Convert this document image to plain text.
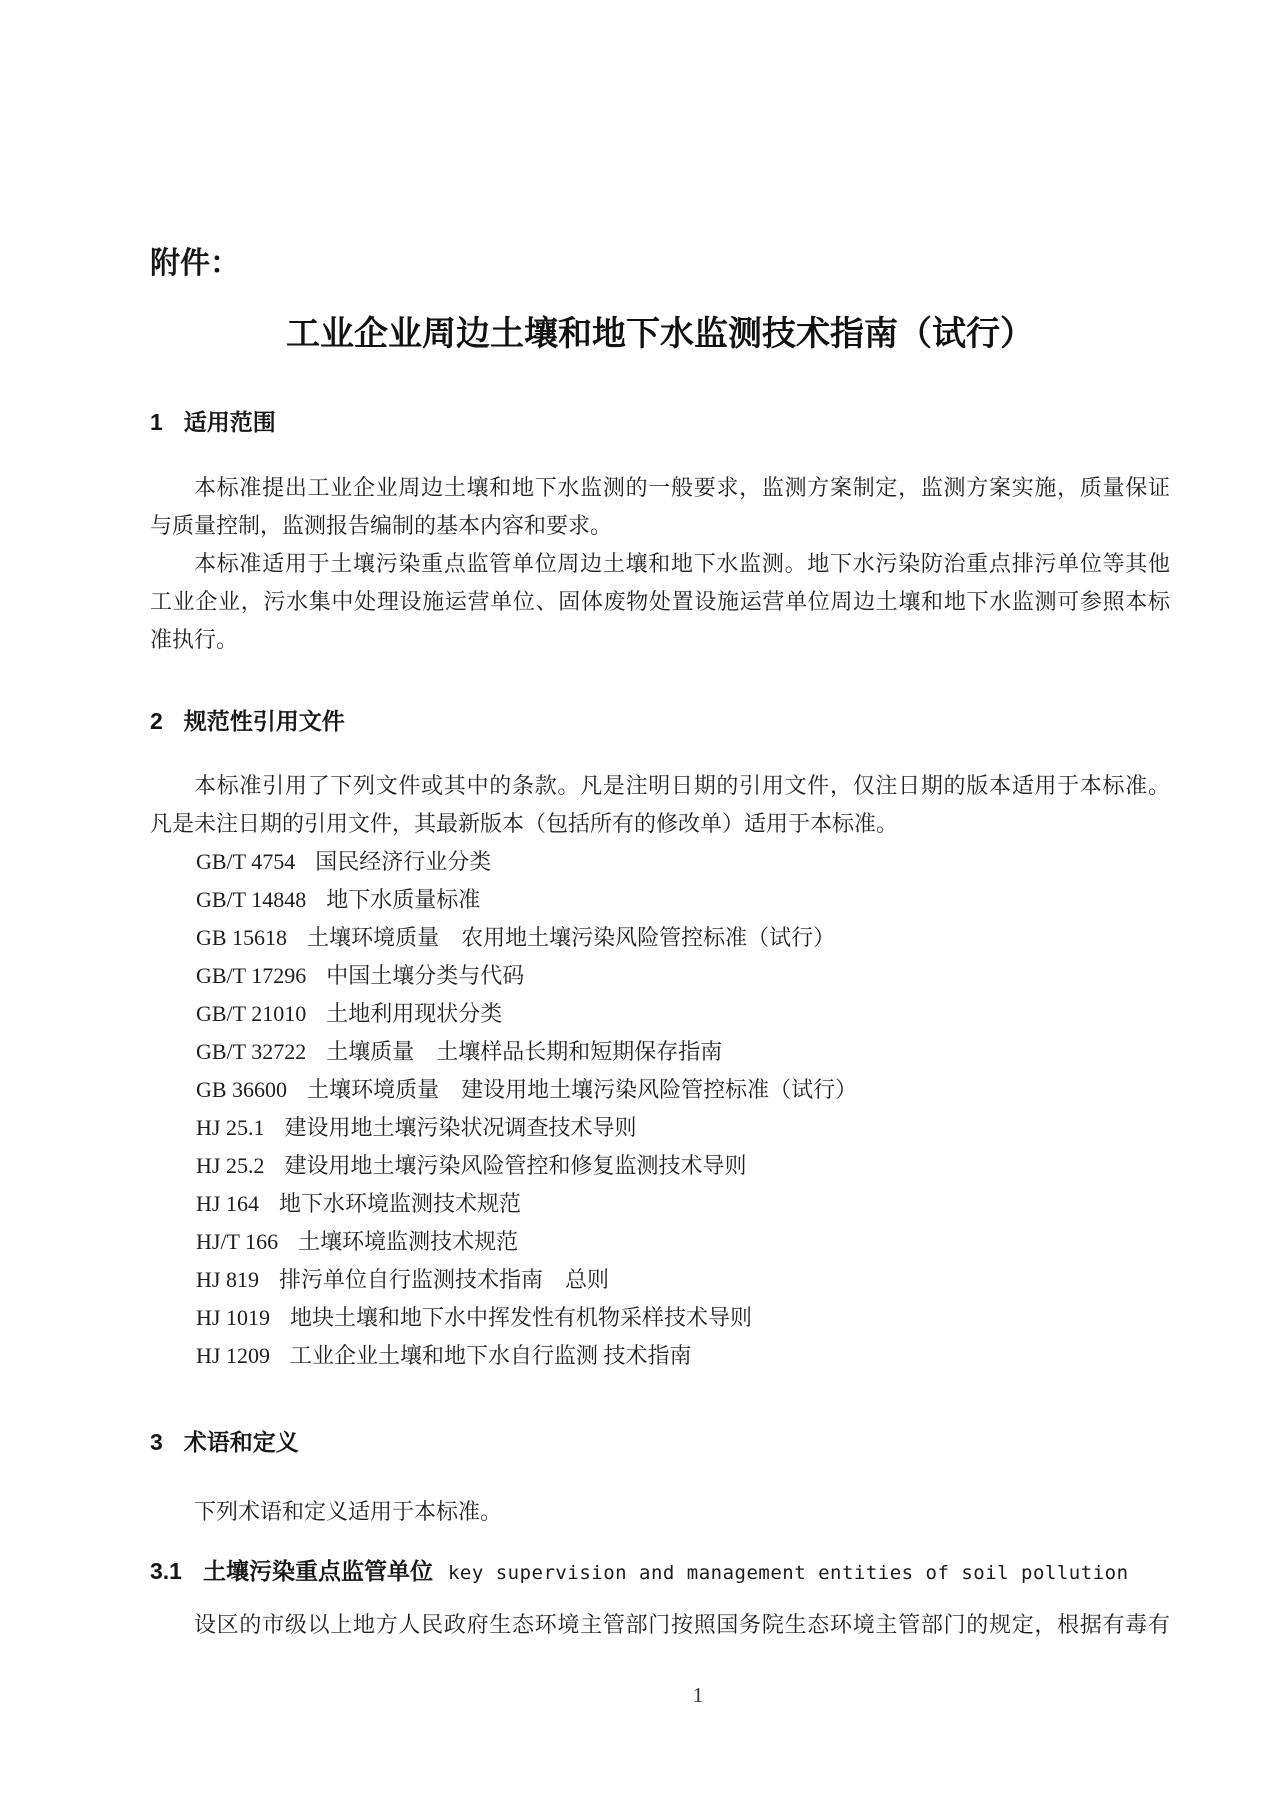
附件：
工业企业周边土壤和地下水监测技术指南（试行）
1 适用范围
本标准提出工业企业周边土壤和地下水监测的一般要求，监测方案制定，监测方案实施，质量保证
与质量控制，监测报告编制的基本内容和要求。
本标准适用于土壤污染重点监管单位周边土壤和地下水监测。地下水污染防治重点排污单位等其他
工业企业，污水集中处理设施运营单位、固体废物处置设施运营单位周边土壤和地下水监测可参照本标
准执行。
2 规范性引用文件
本标准引用了下列文件或其中的条款。凡是注明日期的引用文件，仅注日期的版本适用于本标准。
凡是未注日期的引用文件，其最新版本（包括所有的修改单）适用于本标准。
GB/T 4754 国民经济行业分类
GB/T 14848 地下水质量标准
GB 15618 土壤环境质量　农用地土壤污染风险管控标准（试行）
GB/T 17296 中国土壤分类与代码
GB/T 21010 土地利用现状分类
GB/T 32722 土壤质量　土壤样品长期和短期保存指南
GB 36600 土壤环境质量　建设用地土壤污染风险管控标准（试行）
HJ 25.1 建设用地土壤污染状况调查技术导则
HJ 25.2 建设用地土壤污染风险管控和修复监测技术导则
HJ 164 地下水环境监测技术规范
HJ/T 166 土壤环境监测技术规范
HJ 819 排污单位自行监测技术指南　总则
HJ 1019 地块土壤和地下水中挥发性有机物采样技术导则
HJ 1209 工业企业土壤和地下水自行监测 技术指南
3 术语和定义
下列术语和定义适用于本标准。
3.1 土壤污染重点监管单位 key supervision and management entities of soil pollution
设区的市级以上地方人民政府生态环境主管部门按照国务院生态环境主管部门的规定，根据有毒有
1
